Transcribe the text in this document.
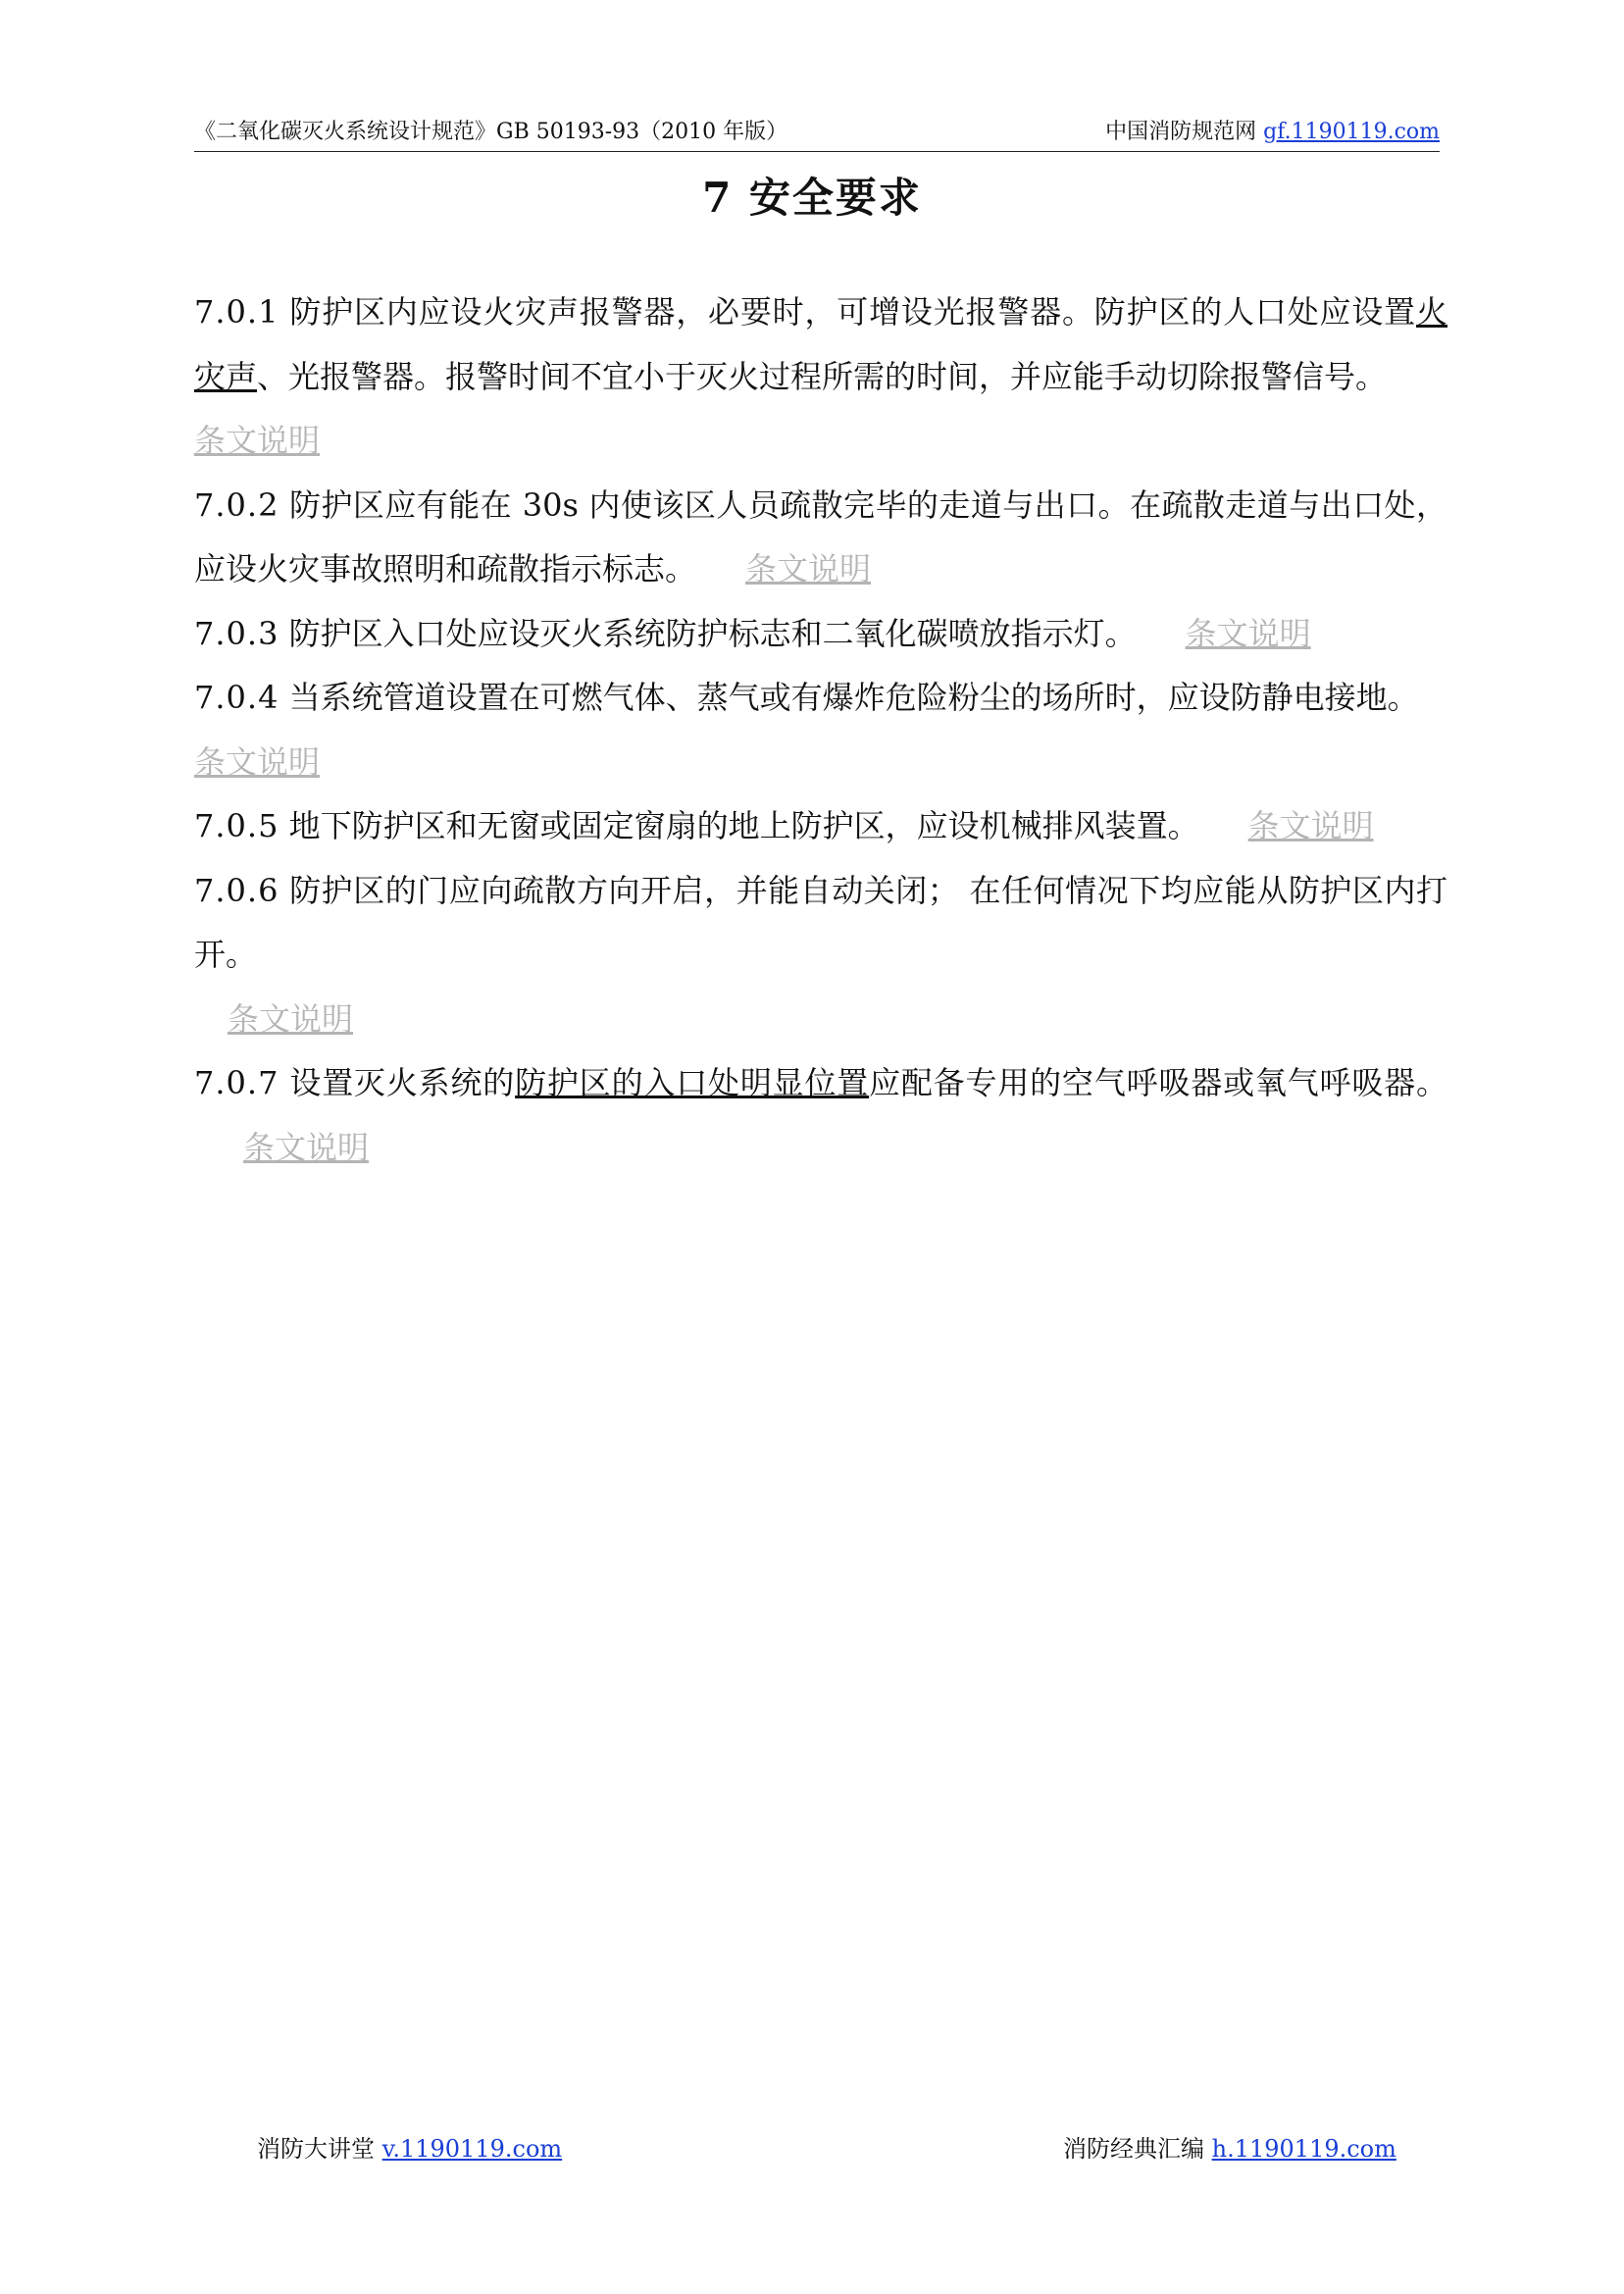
《二氧化碳灭火系统设计规范》GB 50193-93（2010 年版）	中国消防规范网 gf.1190119.com
7 安全要求

7.0.1 防护区内应设火灾声报警器，必要时，可增设光报警器。防护区的人口处应设置火灾声、光报警器。报警时间不宜小于灭火过程所需的时间，并应能手动切除报警信号。

条文说明

7.0.2 防护区应有能在 30s 内使该区人员疏散完毕的走道与出口。在疏散走道与出口处，应设火灾事故照明和疏散指示标志。 条文说明

7.0.3 防护区入口处应设灭火系统防护标志和二氧化碳喷放指示灯。 条文说明

7.0.4 当系统管道设置在可燃气体、蒸气或有爆炸危险粉尘的场所时，应设防静电接地。

条文说明

7.0.5 地下防护区和无窗或固定窗扇的地上防护区，应设机械排风装置。 条文说明

7.0.6 防护区的门应向疏散方向开启，并能自动关闭； 在任何情况下均应能从防护区内打开。

条文说明

7.0.7 设置灭火系统的防护区的入口处明显位置应配备专用的空气呼吸器或氧气呼吸器。条文说明

消防大讲堂 v.1190119.com	消防经典汇编 h.1190119.com
